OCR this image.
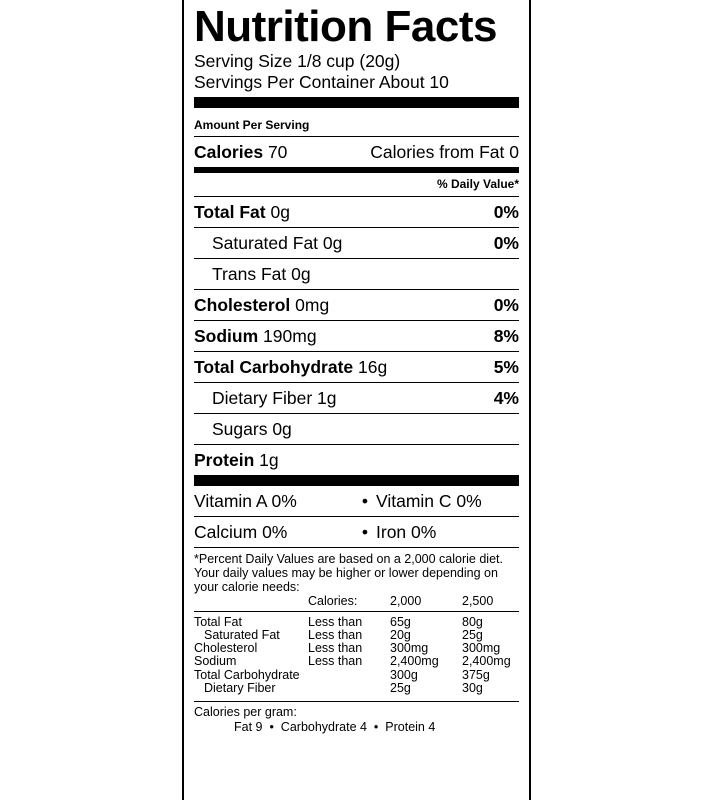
Nutrition Facts
Serving Size 1/8 cup (20g)
Servings Per Container About 10
Amount Per Serving
Calories 70	Calories from Fat 0
% Daily Value*
Total Fat 0g	0%
Saturated Fat 0g	0%
Trans Fat 0g
Cholesterol 0mg	0%
Sodium 190mg	8%
Total Carbohydrate 16g	5%
Dietary Fiber 1g	4%
Sugars 0g
Protein 1g
Vitamin A 0%	• Vitamin C 0%
Calcium 0%	• Iron 0%

*Percent Daily Values are based on a 2,000 calorie diet. Your daily values may be higher or lower depending on your calorie needs:

	Calories:	2,000	2,500
Total Fat	Less than	65g	80g
Saturated Fat	Less than	20g	25g
Cholesterol	Less than	300mg	300mg
Sodium	Less than	2,400mg	2,400mg
Total Carbohydrate		300g	375g
Dietary Fiber		25g	30g
Calories per gram:
Fat 9 • Carbohydrate 4 • Protein 4
